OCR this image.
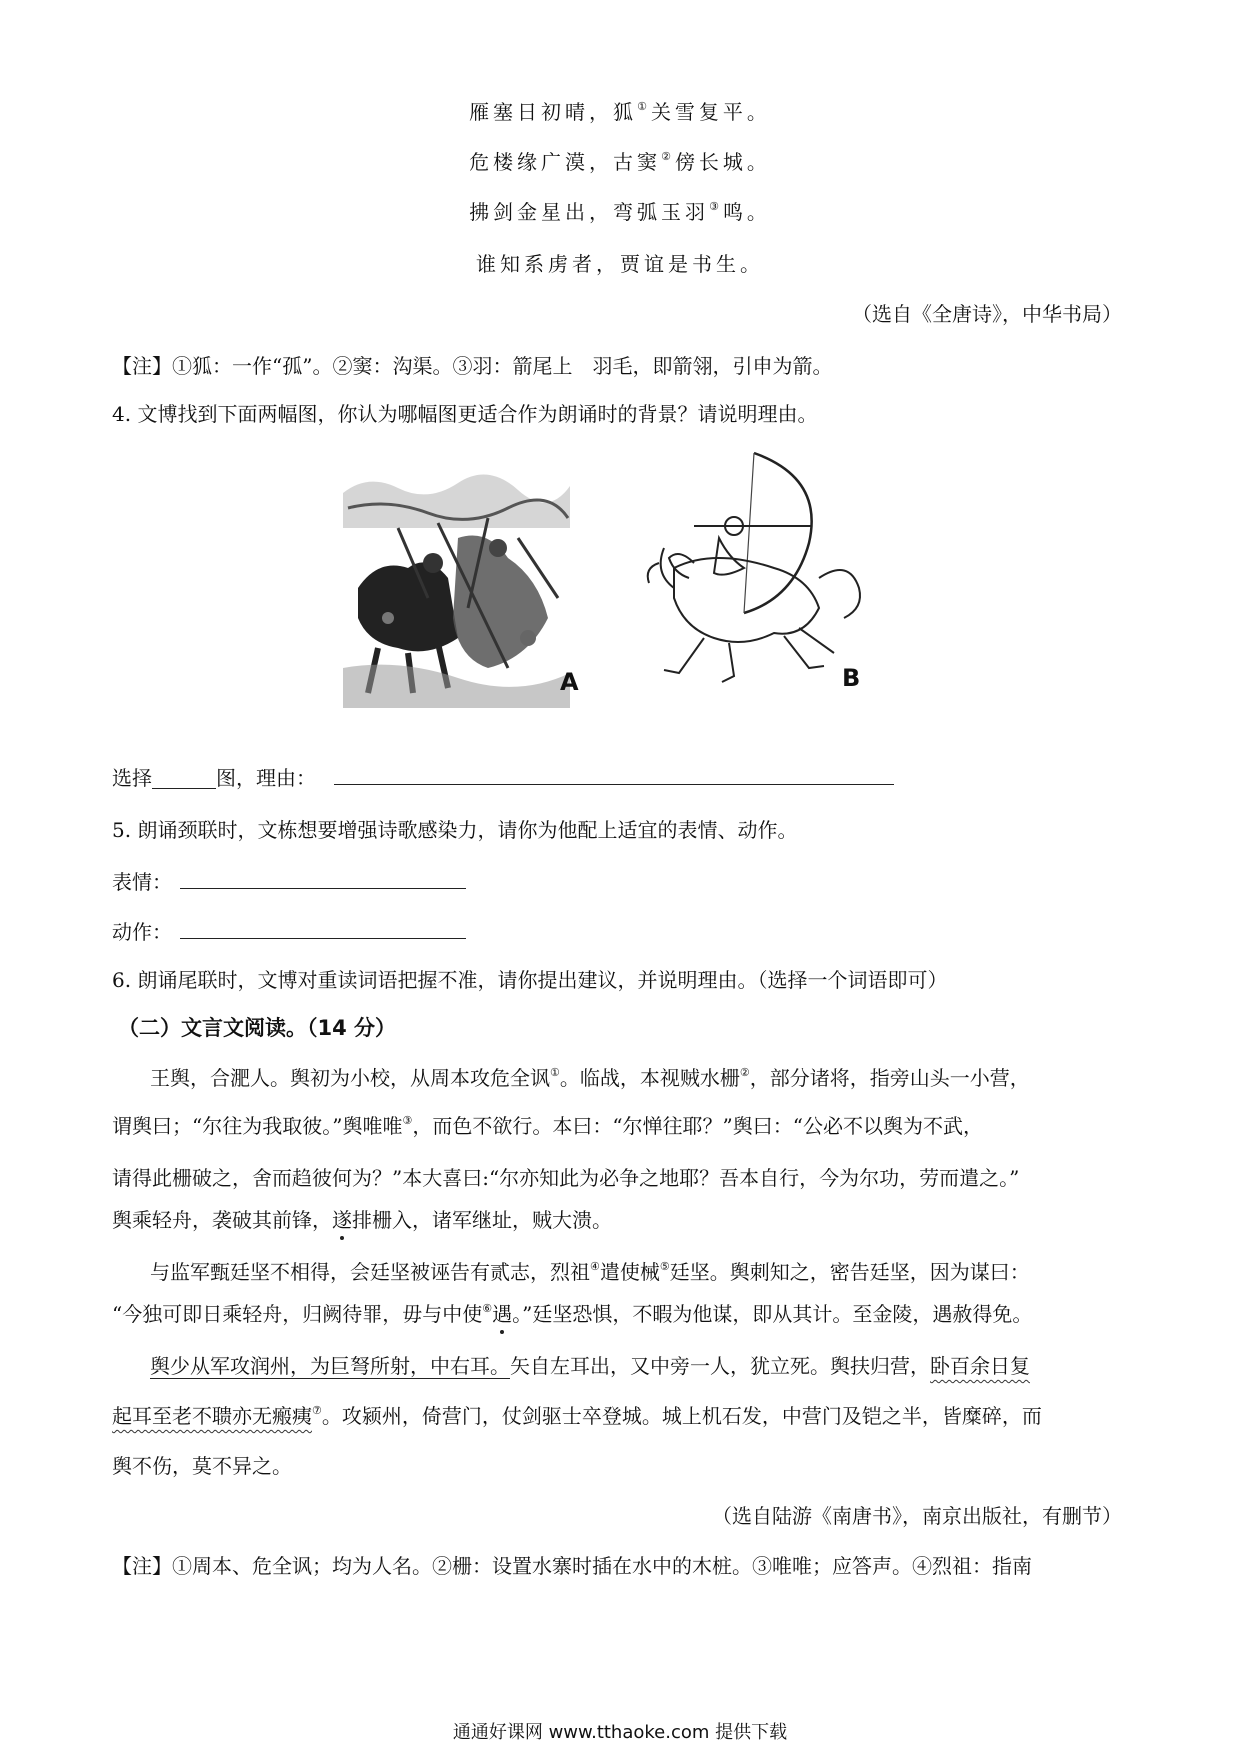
雁塞日初晴，狐①关雪复平。
危楼缘广漠，古窦②傍长城。
拂剑金星出，弯弧玉羽③鸣。
谁知系虏者，贾谊是书生。
（选自《全唐诗》，中华书局）
【注】①狐：一作“孤”。②窦：沟渠。③羽：箭尾上　羽毛，即箭翎，引申为箭。
4. 文博找到下面两幅图，你认为哪幅图更适合作为朗诵时的背景？请说明理由。
A	B
选择	图，理由：
5. 朗诵颈联时，文栋想要增强诗歌感染力，请你为他配上适宜的表情、动作。
表情：
动作：
6. 朗诵尾联时，文博对重读词语把握不准，请你提出建议，并说明理由。（选择一个词语即可）
（二）文言文阅读。（14 分）
王舆，合淝人。舆初为小校，从周本攻危全讽①。临战，本视贼水栅②，部分诸将，指旁山头一小营，
谓舆曰；“尔往为我取彼。”舆唯唯③，而色不欲行。本曰：“尔惮往耶？”舆曰：“公必不以舆为不武，
请得此栅破之，舍而趋彼何为？”本大喜曰:“尔亦知此为必争之地耶？吾本自行，今为尔功，劳而遣之。”
舆乘轻舟，袭破其前锋，遂排栅入，诸军继址，贼大溃。
与监军甄廷坚不相得，会廷坚被诬告有贰志，烈祖④遣使械⑤廷坚。舆刺知之，密告廷坚，因为谋曰：
“今独可即日乘轻舟，归阙待罪，毋与中使⑥遇。”廷坚恐惧，不暇为他谋，即从其计。至金陵，遇赦得免。
舆少从军攻润州，为巨弩所射，中右耳。矢自左耳出，又中旁一人，犹立死。舆扶归营，卧百余日复
起耳至老不聩亦无瘢痍⑦。攻颍州，倚营门，仗剑驱士卒登城。城上机石发，中营门及铠之半，皆糜碎，而
舆不伤，莫不异之。
（选自陆游《南唐书》，南京出版社，有删节）
【注】①周本、危全讽；均为人名。②栅：设置水寨时插在水中的木桩。③唯唯；应答声。④烈祖：指南
通通好课网 www.tthaoke.com 提供下载
